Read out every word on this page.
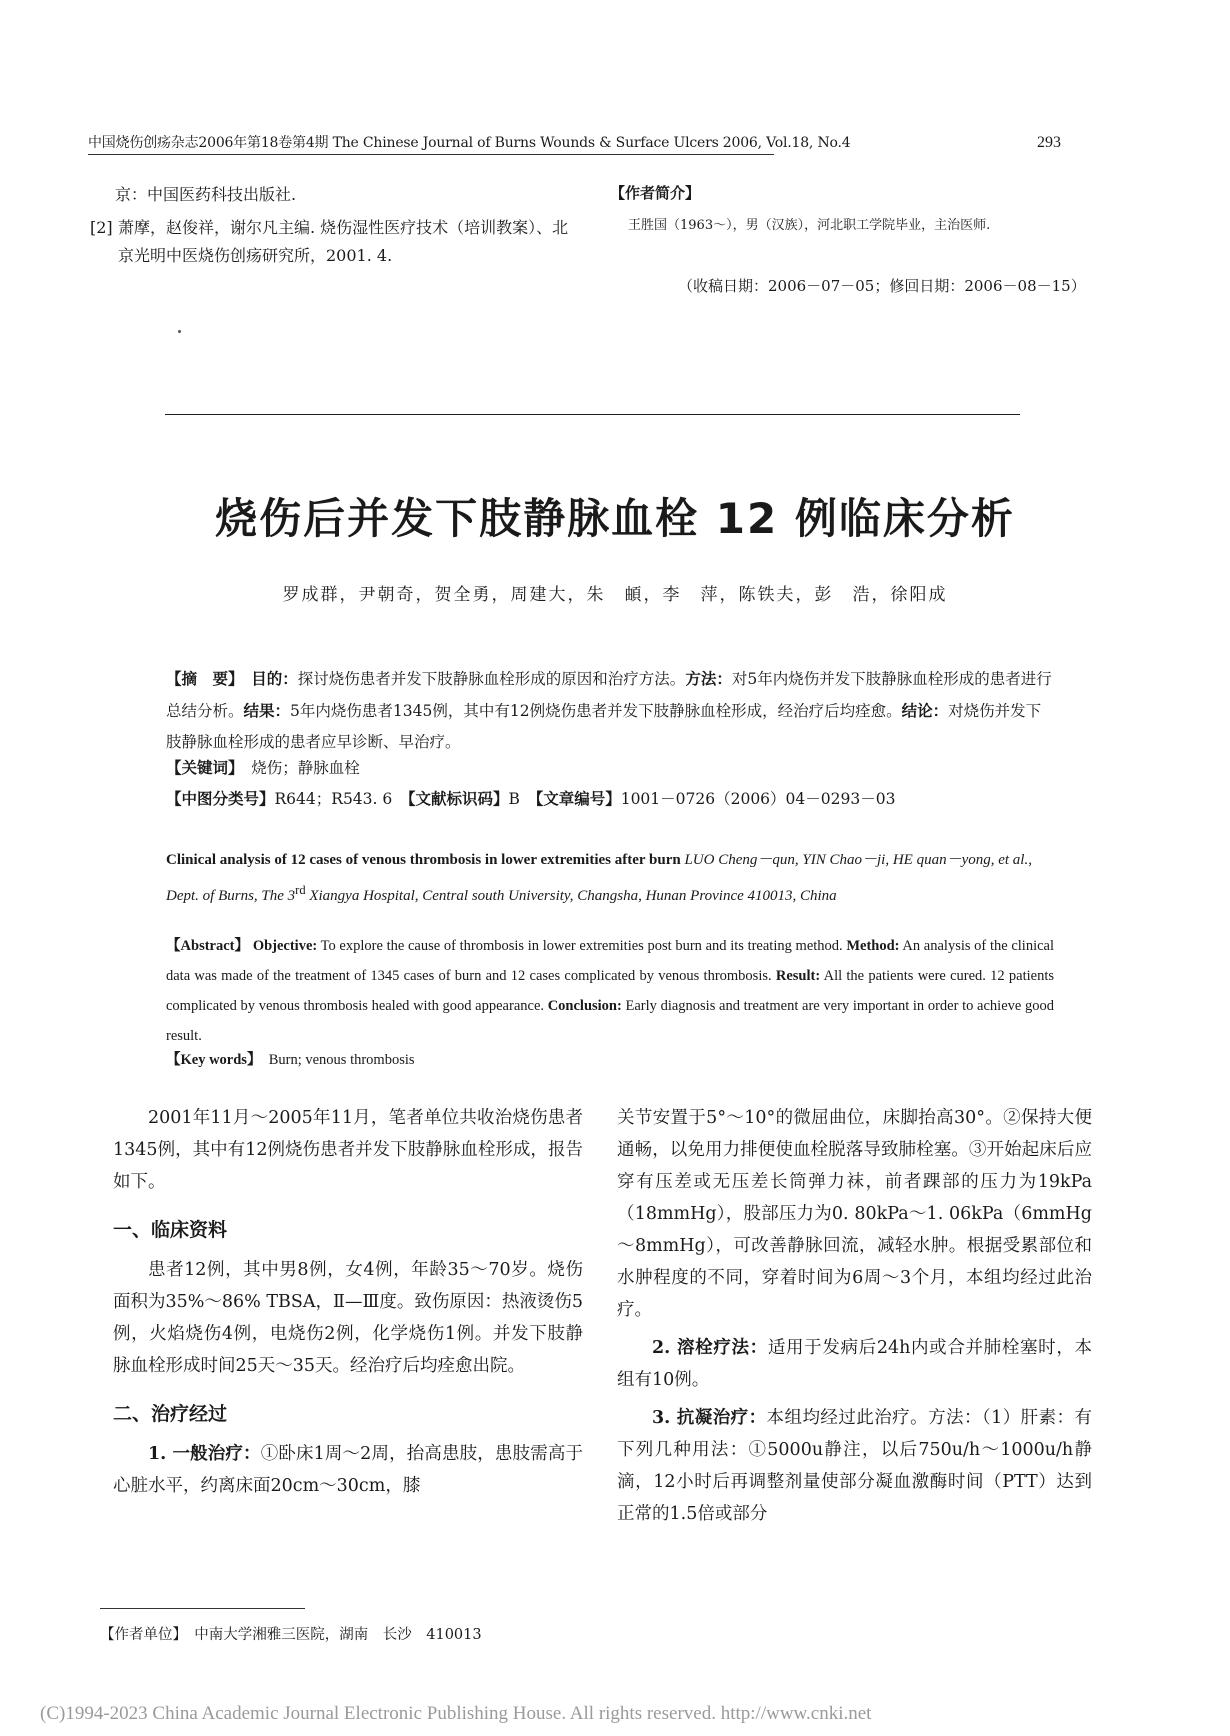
中国烧伤创疡杂志2006年第18卷第4期 The Chinese Journal of Burns Wounds & Surface Ulcers 2006, Vol.18, No.4	293
京：中国医药科技出版社.
[2] 萧摩，赵俊祥，谢尔凡主编. 烧伤湿性医疗技术（培训教案）、北京光明中医烧伤创疡研究所，2001. 4.
【作者简介】
王胜国（1963～），男（汉族），河北职工学院毕业，主治医师.
（收稿日期：2006－07－05；修回日期：2006－08－15）
烧伤后并发下肢静脉血栓 12 例临床分析
罗成群，尹朝奇，贺全勇，周建大，朱　頔，李　萍，陈铁夫，彭　浩，徐阳成
【摘　要】　 目的：探讨烧伤患者并发下肢静脉血栓形成的原因和治疗方法。方法：对5年内烧伤并发下肢静脉血栓形成的患者进行总结分析。结果：5年内烧伤患者1345例，其中有12例烧伤患者并发下肢静脉血栓形成，经治疗后均痊愈。结论：对烧伤并发下肢静脉血栓形成的患者应早诊断、早治疗。
【关键词】　 烧伤；静脉血栓
【中图分类号】R644；R543. 6　 【文献标识码】B　 【文章编号】1001－0726（2006）04－0293－03
Clinical analysis of 12 cases of venous thrombosis in lower extremities after burn LUO Cheng－qun, YIN Chao－ji, HE quan－yong, et al., Dept. of Burns, The 3rd Xiangya Hospital, Central south University, Changsha, Hunan Province 410013, China
【Abstract】 Objective: To explore the cause of thrombosis in lower extremities post burn and its treating method. Method: An analysis of the clinical data was made of the treatment of 1345 cases of burn and 12 cases complicated by venous thrombosis. Result: All the patients were cured. 12 patients complicated by venous thrombosis healed with good appearance. Conclusion: Early diagnosis and treatment are very important in order to achieve good result.
【Key words】　 Burn; venous thrombosis

2001年11月～2005年11月，笔者单位共收治烧伤患者1345例，其中有12例烧伤患者并发下肢静脉血栓形成，报告如下。

一、临床资料

患者12例，其中男8例，女4例，年龄35～70岁。烧伤面积为35%～86% TBSA，Ⅱ—Ⅲ度。致伤原因：热液烫伤5例，火焰烧伤4例，电烧伤2例，化学烧伤1例。并发下肢静脉血栓形成时间25天～35天。经治疗后均痊愈出院。

二、治疗经过

1. 一般治疗：①卧床1周～2周，抬高患肢，患肢需高于心脏水平，约离床面20cm～30cm，膝

关节安置于5°～10°的微屈曲位，床脚抬高30°。②保持大便通畅，以免用力排便使血栓脱落导致肺栓塞。③开始起床后应穿有压差或无压差长筒弹力袜，前者踝部的压力为19kPa（18mmHg），股部压力为0. 80kPa～1. 06kPa（6mmHg～8mmHg），可改善静脉回流，减轻水肿。根据受累部位和水肿程度的不同，穿着时间为6周～3个月，本组均经过此治疗。

2. 溶栓疗法：适用于发病后24h内或合并肺栓塞时，本组有10例。

3. 抗凝治疗：本组均经过此治疗。方法：（1）肝素：有下列几种用法：①5000u静注，以后750u/h～1000u/h静滴，12小时后再调整剂量使部分凝血激酶时间（PTT）达到正常的1.5倍或部分

【作者单位】　 中南大学湘雅三医院，湖南　长沙　410013
(C)1994-2023 China Academic Journal Electronic Publishing House. All rights reserved. http://www.cnki.net
